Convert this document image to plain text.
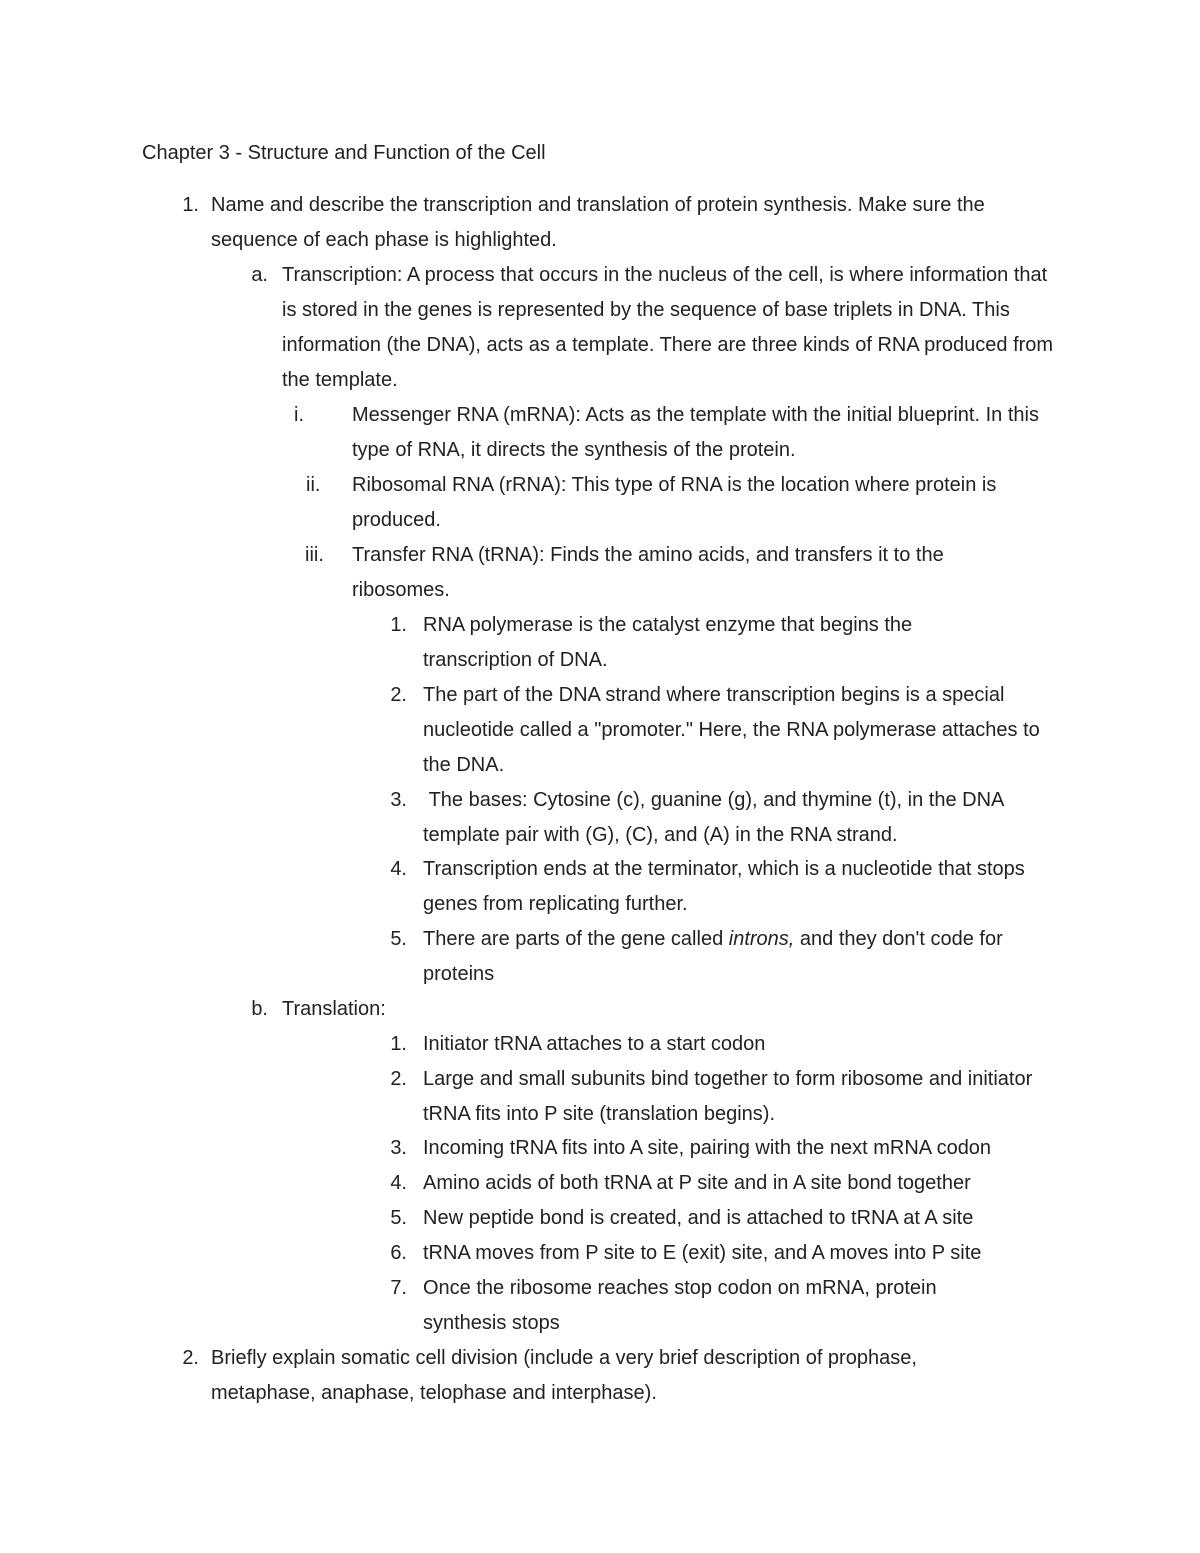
Chapter 3 - Structure and Function of the Cell
1. Name and describe the transcription and translation of protein synthesis. Make sure the sequence of each phase is highlighted.
a. Transcription: A process that occurs in the nucleus of the cell, is where information that is stored in the genes is represented by the sequence of base triplets in DNA. This information (the DNA), acts as a template. There are three kinds of RNA produced from the template.
i.	Messenger RNA (mRNA): Acts as the template with the initial blueprint. In this type of RNA, it directs the synthesis of the protein.
ii.	Ribosomal RNA (rRNA): This type of RNA is the location where protein is produced.
iii.	Transfer RNA (tRNA): Finds the amino acids, and transfers it to the ribosomes.
1. RNA polymerase is the catalyst enzyme that begins the transcription of DNA.
2. The part of the DNA strand where transcription begins is a special nucleotide called a "promoter." Here, the RNA polymerase attaches to the DNA.
3. The bases: Cytosine (c), guanine (g), and thymine (t), in the DNA template pair with (G), (C), and (A) in the RNA strand.
4. Transcription ends at the terminator, which is a nucleotide that stops genes from replicating further.
5. There are parts of the gene called introns, and they don't code for proteins
b. Translation:
1. Initiator tRNA attaches to a start codon
2. Large and small subunits bind together to form ribosome and initiator tRNA fits into P site (translation begins).
3. Incoming tRNA fits into A site, pairing with the next mRNA codon
4. Amino acids of both tRNA at P site and in A site bond together
5. New peptide bond is created, and is attached to tRNA at A site
6. tRNA moves from P site to E (exit) site, and A moves into P site
7. Once the ribosome reaches stop codon on mRNA, protein synthesis stops
2. Briefly explain somatic cell division (include a very brief description of prophase, metaphase, anaphase, telophase and interphase).
